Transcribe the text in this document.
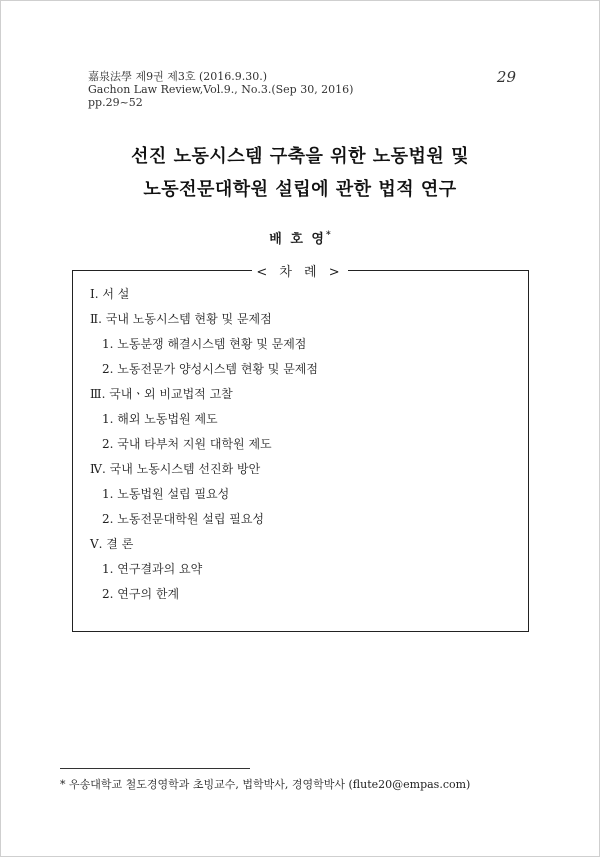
嘉泉法學 제9권 제3호 (2016.9.30.)
Gachon Law Review,Vol.9., No.3.(Sep 30, 2016)
pp.29~52
29
선진 노동시스템 구축을 위한 노동법원 및
노동전문대학원 설립에 관한 법적 연구
배 호 영*
< 차 례 >
Ⅰ. 서 설
Ⅱ. 국내 노동시스템 현황 및 문제점
1. 노동분쟁 해결시스템 현황 및 문제점
2. 노동전문가 양성시스템 현황 및 문제점
Ⅲ. 국내ㆍ외 비교법적 고찰
1. 해외 노동법원 제도
2. 국내 타부처 지원 대학원 제도
Ⅳ. 국내 노동시스템 선진화 방안
1. 노동법원 설립 필요성
2. 노동전문대학원 설립 필요성
Ⅴ. 결 론
1. 연구결과의 요약
2. 연구의 한계
* 우송대학교 철도경영학과 초빙교수, 법학박사, 경영학박사 (flute20@empas.com)
